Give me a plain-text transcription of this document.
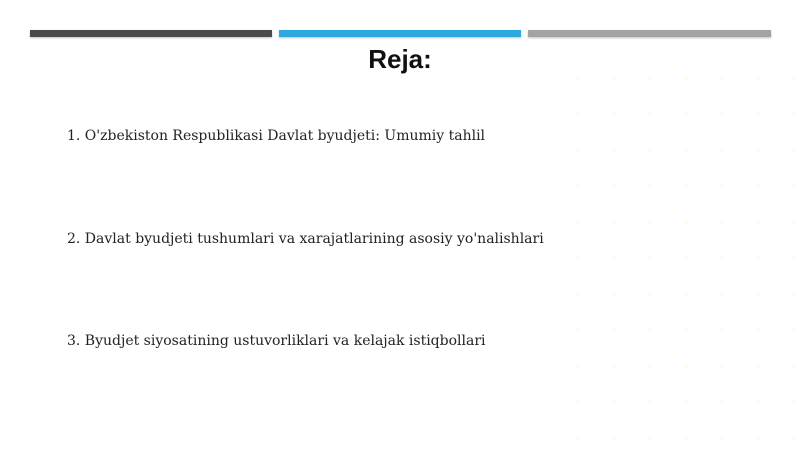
Reja:
1. O'zbekiston Respublikasi Davlat byudjeti: Umumiy tahlil
2. Davlat byudjeti tushumlari va xarajatlarining asosiy yo'nalishlari
3. Byudjet siyosatining ustuvorliklari va kelajak istiqbollari
